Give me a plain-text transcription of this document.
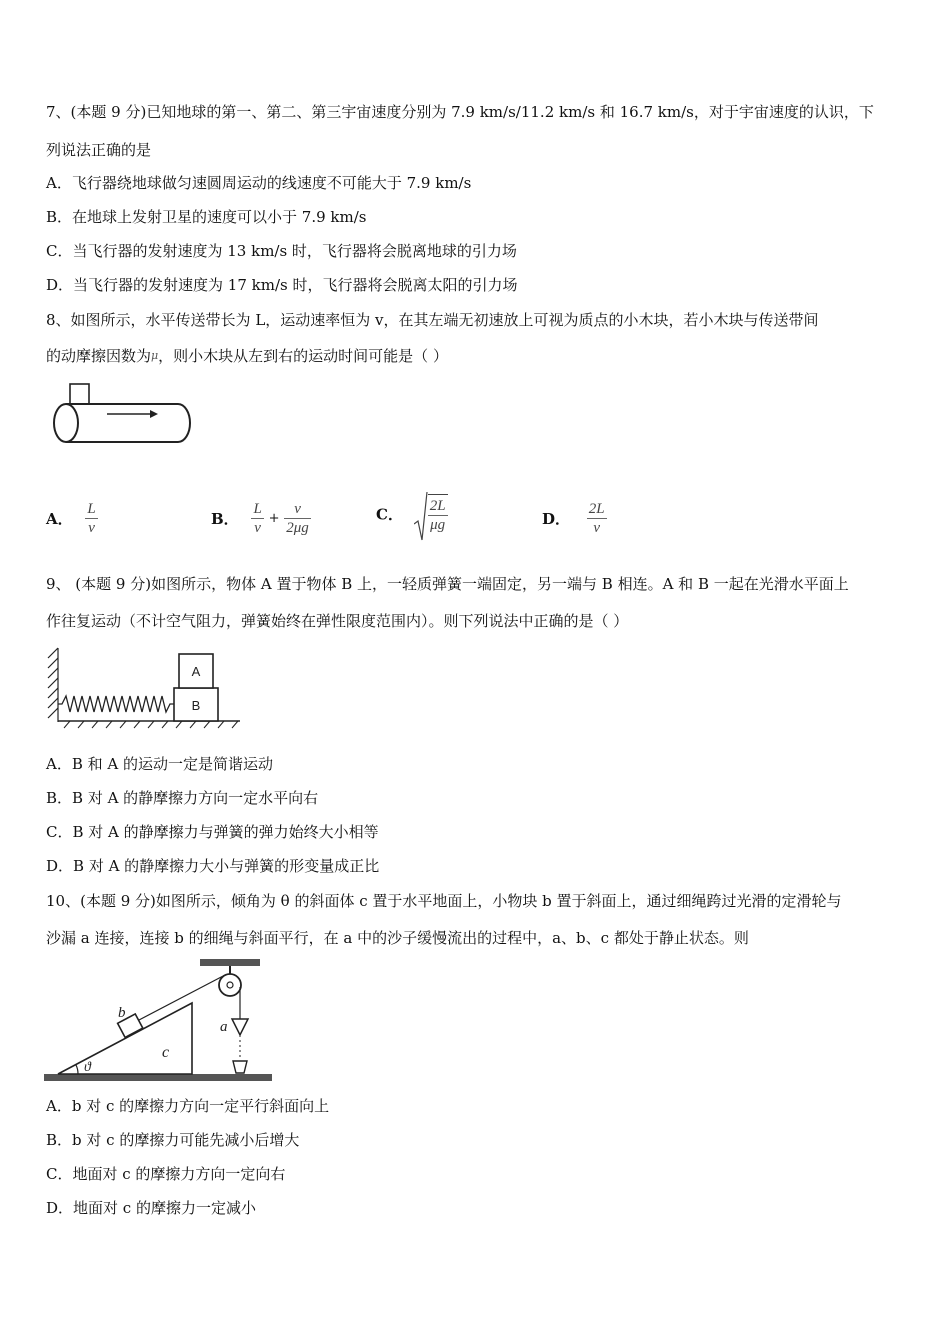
7、(本题 9 分)已知地球的第一、第二、第三宇宙速度分别为 7.9 km/s/11.2 km/s 和 16.7 km/s，对于宇宙速度的认识，下
列说法正确的是
A．飞行器绕地球做匀速圆周运动的线速度不可能大于 7.9 km/s
B．在地球上发射卫星的速度可以小于 7.9 km/s
C．当飞行器的发射速度为 13 km/s 时，飞行器将会脱离地球的引力场
D．当飞行器的发射速度为 17 km/s 时，飞行器将会脱离太阳的引力场
8、如图所示，水平传送带长为 L，运动速率恒为 v，在其左端无初速放上可视为质点的小木块，若小木块与传送带间
的动摩擦因数为$^\mu$，则小木块从左到右的运动时间可能是（ ）
A． $\frac{L}{v}$	B． $\frac{L}{v} + \frac{v}{2\mu g}$	C． $\frac{2L}{\mu g}$	D． $\frac{2L}{v}$
9、 (本题 9 分)如图所示，物体 A 置于物体 B 上，一轻质弹簧一端固定，另一端与 B 相连。A 和 B 一起在光滑水平面上
作往复运动（不计空气阻力，弹簧始终在弹性限度范围内）。则下列说法中正确的是（ ）
B
A
A．B 和 A 的运动一定是简谐运动
B．B 对 A 的静摩擦力方向一定水平向右
C．B 对 A 的静摩擦力与弹簧的弹力始终大小相等
D．B 对 A 的静摩擦力大小与弹簧的形变量成正比
10、(本题 9 分)如图所示，倾角为 θ 的斜面体 c 置于水平地面上，小物块 b 置于斜面上，通过细绳跨过光滑的定滑轮与
沙漏 a 连接，连接 b 的细绳与斜面平行，在 a 中的沙子缓慢流出的过程中，a、b、c 都处于静止状态。则
c
ϑ
b
a
A．b 对 c 的摩擦力方向一定平行斜面向上
B．b 对 c 的摩擦力可能先减小后增大
C．地面对 c 的摩擦力方向一定向右
D．地面对 c 的摩擦力一定减小
